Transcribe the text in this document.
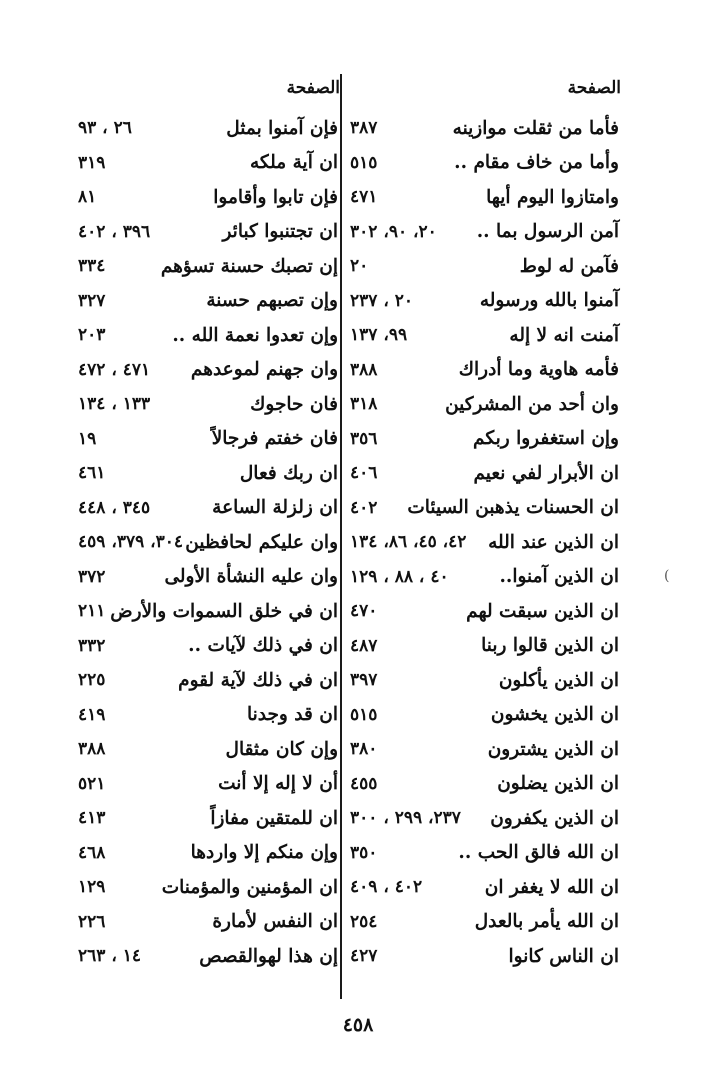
الصفحة
فأما من ثقلت موازينه
٣٨٧
وأما من خاف مقام ..
٥١٥
وامتازوا اليوم أيها
٤٧١
آمن الرسول بما ..
٢٠، ٩٠، ٣٠٢
فآمن له لوط
٢٠
آمنوا بالله ورسوله
٢٠ ، ٢٣٧
آمنت انه لا إله
٩٩، ١٣٧
فأمه هاوية وما أدراك
٣٨٨
وان أحد من المشركين
٣١٨
وإن استغفروا ربكم
٣٥٦
ان الأبرار لفي نعيم
٤٠٦
ان الحسنات يذهبن السيئات
٤٠٢
ان الذين عند الله
٤٢، ٤٥، ٨٦، ١٣٤
ان الذين آمنوا..
٤٠ ، ٨٨ ، ١٢٩
ان الذين سبقت لهم
٤٧٠
ان الذين قالوا ربنا
٤٨٧
ان الذين يأكلون
٣٩٧
ان الذين يخشون
٥١٥
ان الذين يشترون
٣٨٠
ان الذين يضلون
٤٥٥
ان الذين يكفرون
٢٣٧، ٢٩٩ ، ٣٠٠
ان الله فالق الحب ..
٣٥٠
ان الله لا يغفر ان
٤٠٢ ، ٤٠٩
ان الله يأمر بالعدل
٢٥٤
ان الناس كانوا
٤٢٧
الصفحة
فإن آمنوا بمثل
٢٦ ، ٩٣
ان آية ملكه
٣١٩
فإن تابوا وأقاموا
٨١
ان تجتنبوا كبائر
٣٩٦ ، ٤٠٢
إن تصبك حسنة تسؤهم
٣٣٤
وإن تصبهم حسنة
٣٢٧
وإن تعدوا نعمة الله ..
٢٠٣
وان جهنم لموعدهم
٤٧١ ، ٤٧٢
فان حاجوك
١٣٣ ، ١٣٤
فان خفتم فرجالاً
١٩
ان ربك فعال
٤٦١
ان زلزلة الساعة
٣٤٥ ، ٤٤٨
وان عليكم لحافظين
٣٠٤، ٣٧٩، ٤٥٩
وان عليه النشأة الأولى
٣٧٢
ان في خلق السموات والأرض
٢١١
ان في ذلك لآيات ..
٣٣٢
ان في ذلك لآية لقوم
٢٢٥
ان قد وجدنا
٤١٩
وإن كان مثقال
٣٨٨
أن لا إله إلا أنت
٥٢١
ان للمتقين مفازاً
٤١٣
وإن منكم إلا واردها
٤٦٨
ان المؤمنين والمؤمنات
١٢٩
ان النفس لأمارة
٢٢٦
إن هذا لهوالقصص
١٤ ، ٢٦٣
(
٤٥٨
